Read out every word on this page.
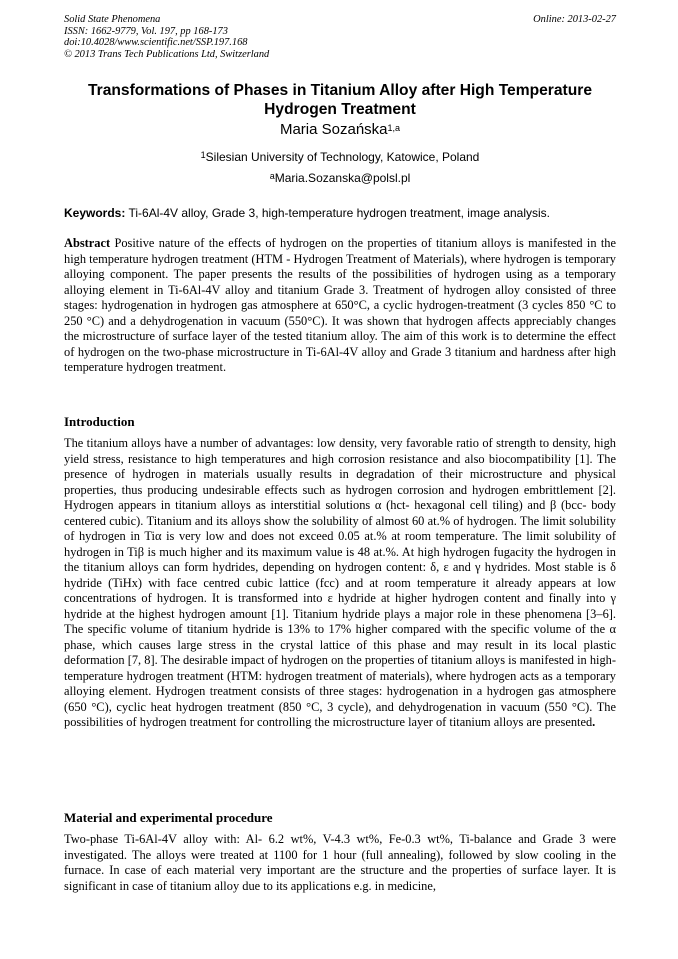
Solid State Phenomena
ISSN: 1662-9779, Vol. 197, pp 168-173
doi:10.4028/www.scientific.net/SSP.197.168
© 2013 Trans Tech Publications Ltd, Switzerland
Online: 2013-02-27
Transformations of Phases in Titanium Alloy after High Temperature Hydrogen Treatment
Maria Sozańska$^{1,a}$
$^1$Silesian University of Technology, Katowice, Poland
$^a$Maria.Sozanska@polsl.pl
Keywords: Ti-6Al-4V alloy, Grade 3, high-temperature hydrogen treatment, image analysis.
Abstract Positive nature of the effects of hydrogen on the properties of titanium alloys is manifested in the high temperature hydrogen treatment (HTM - Hydrogen Treatment of Materials), where hydrogen is temporary alloying component. The paper presents the results of the possibilities of hydrogen using as a temporary alloying element in Ti-6Al-4V alloy and titanium Grade 3. Treatment of hydrogen alloy consisted of three stages: hydrogenation in hydrogen gas atmosphere at 650°C, a cyclic hydrogen-treatment (3 cycles 850 °C to 250 °C) and a dehydrogenation in vacuum (550°C). It was shown that hydrogen affects appreciably changes the microstructure of surface layer of the tested titanium alloy. The aim of this work is to determine the effect of hydrogen on the two-phase microstructure in Ti-6Al-4V alloy and Grade 3 titanium and hardness after high temperature hydrogen treatment.
Introduction
The titanium alloys have a number of advantages: low density, very favorable ratio of strength to density, high yield stress, resistance to high temperatures and high corrosion resistance and also biocompatibility [1]. The presence of hydrogen in materials usually results in degradation of their microstructure and physical properties, thus producing undesirable effects such as hydrogen corrosion and hydrogen embrittlement [2]. Hydrogen appears in titanium alloys as interstitial solutions α (hct- hexagonal cell tiling) and β (bcc- body centered cubic). Titanium and its alloys show the solubility of almost 60 at.% of hydrogen. The limit solubility of hydrogen in Tiα is very low and does not exceed 0.05 at.% at room temperature. The limit solubility of hydrogen in Tiβ is much higher and its maximum value is 48 at.%. At high hydrogen fugacity the hydrogen in the titanium alloys can form hydrides, depending on hydrogen content: δ, ε and γ hydrides. Most stable is δ hydride (TiHx) with face centred cubic lattice (fcc) and at room temperature it already appears at low concentrations of hydrogen. It is transformed into ε hydride at higher hydrogen content and finally into γ hydride at the highest hydrogen amount [1]. Titanium hydride plays a major role in these phenomena [3–6]. The specific volume of titanium hydride is 13% to 17% higher compared with the specific volume of the α phase, which causes large stress in the crystal lattice of this phase and may result in its local plastic deformation [7, 8]. The desirable impact of hydrogen on the properties of titanium alloys is manifested in high-temperature hydrogen treatment (HTM: hydrogen treatment of materials), where hydrogen acts as a temporary alloying element. Hydrogen treatment consists of three stages: hydrogenation in a hydrogen gas atmosphere (650 °C), cyclic heat hydrogen treatment (850 °C, 3 cycle), and dehydrogenation in vacuum (550 °C). The possibilities of hydrogen treatment for controlling the microstructure layer of titanium alloys are presented.
Material and experimental procedure
Two-phase Ti-6Al-4V alloy with: Al- 6.2 wt%, V-4.3 wt%, Fe-0.3 wt%, Ti-balance and Grade 3 were investigated. The alloys were treated at 1100 for 1 hour (full annealing), followed by slow cooling in the furnace. In case of each material very important are the structure and the properties of surface layer. It is significant in case of titanium alloy due to its applications e.g. in medicine,
